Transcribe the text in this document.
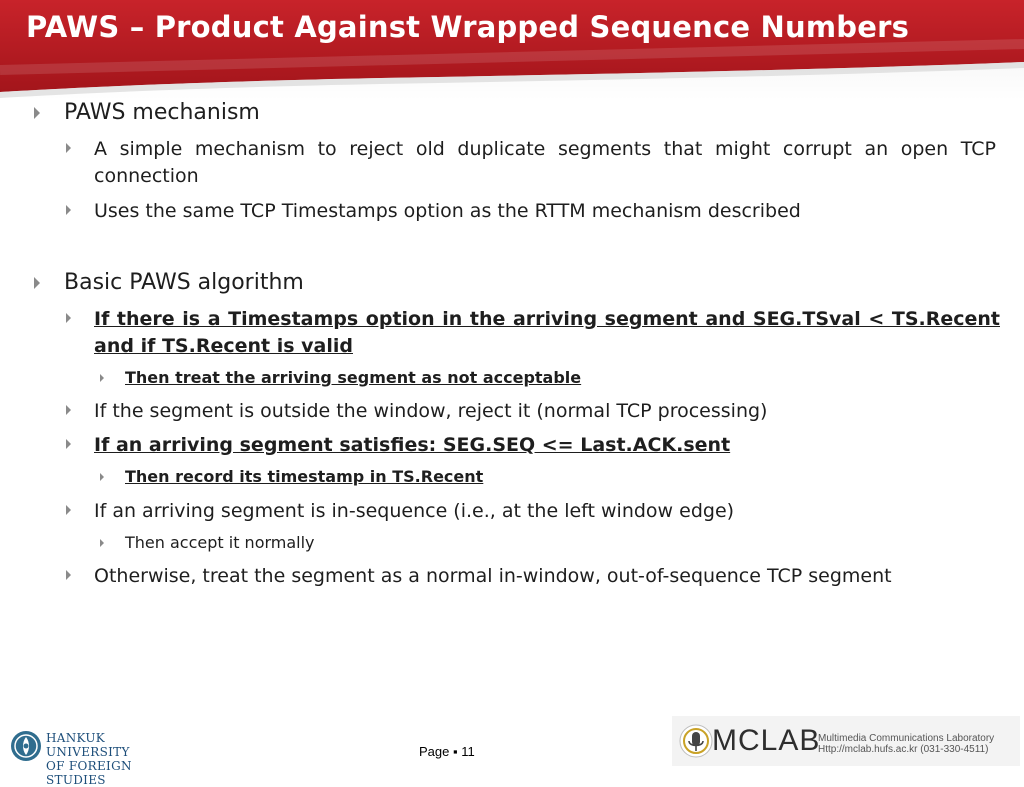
PAWS – Product Against Wrapped Sequence Numbers
PAWS mechanism
A simple mechanism to reject old duplicate segments that might corrupt an open TCP connection
Uses the same TCP Timestamps option as the RTTM mechanism described
Basic PAWS algorithm
If there is a Timestamps option in the arriving segment and SEG.TSval < TS.Recent and if TS.Recent is valid
Then treat the arriving segment as not acceptable
If the segment is outside the window, reject it (normal TCP processing)
If an arriving segment satisfies: SEG.SEQ <= Last.ACK.sent
Then record its timestamp in TS.Recent
If an arriving segment is in-sequence (i.e., at the left window edge)
Then accept it normally
Otherwise, treat the segment as a normal in-window, out-of-sequence TCP segment
HANKUK UNIVERSITY
OF FOREIGN STUDIES
Page ▪ 11	MCLAB
Multimedia Communications Laboratory
Http://mclab.hufs.ac.kr (031-330-4511)
